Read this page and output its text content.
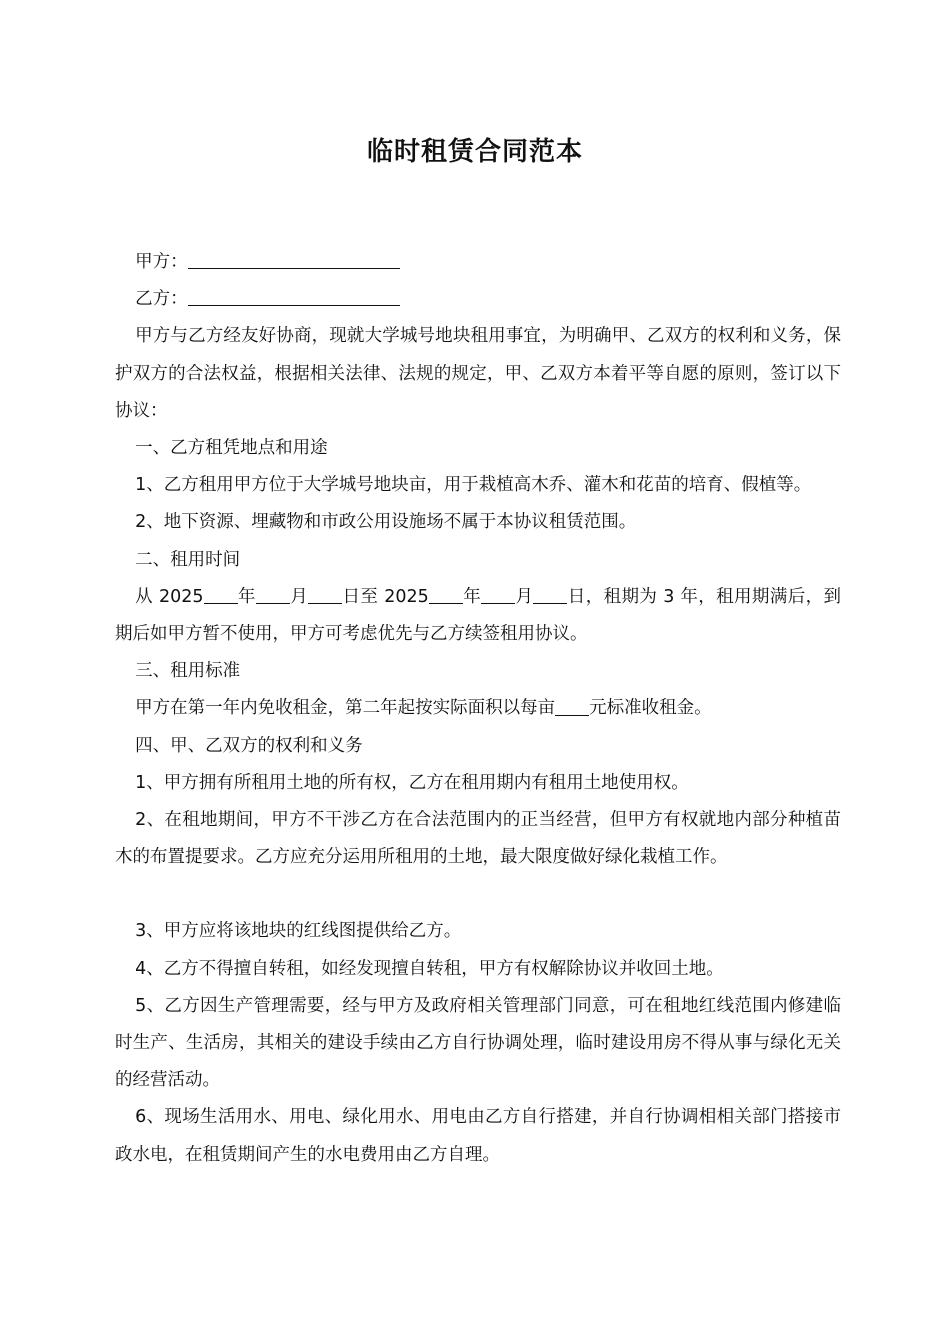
临时租赁合同范本

甲方：

乙方：

甲方与乙方经友好协商，现就大学城号地块租用事宜，为明确甲、乙双方的权利和义务，保护双方的合法权益，根据相关法律、法规的规定，甲、乙双方本着平等自愿的原则，签订以下协议：

一、乙方租凭地点和用途

1、乙方租用甲方位于大学城号地块亩，用于栽植高木乔、灌木和花苗的培育、假植等。

2、地下资源、埋藏物和市政公用设施场不属于本协议租赁范围。

二、租用时间

从 2025 年 月 日至 2025 年 月 日，租期为 3 年，租用期满后，到期后如甲方暂不使用，甲方可考虑优先与乙方续签租用协议。

三、租用标准

甲方在第一年内免收租金，第二年起按实际面积以每亩 元标准收租金。

四、甲、乙双方的权利和义务

1、甲方拥有所租用土地的所有权，乙方在租用期内有租用土地使用权。

2、在租地期间，甲方不干涉乙方在合法范围内的正当经营，但甲方有权就地内部分种植苗木的布置提要求。乙方应充分运用所租用的土地，最大限度做好绿化栽植工作。

3、甲方应将该地块的红线图提供给乙方。

4、乙方不得擅自转租，如经发现擅自转租，甲方有权解除协议并收回土地。

5、乙方因生产管理需要，经与甲方及政府相关管理部门同意，可在租地红线范围内修建临时生产、生活房，其相关的建设手续由乙方自行协调处理，临时建设用房不得从事与绿化无关的经营活动。

6、现场生活用水、用电、绿化用水、用电由乙方自行搭建，并自行协调相相关部门搭接市政水电，在租赁期间产生的水电费用由乙方自理。
